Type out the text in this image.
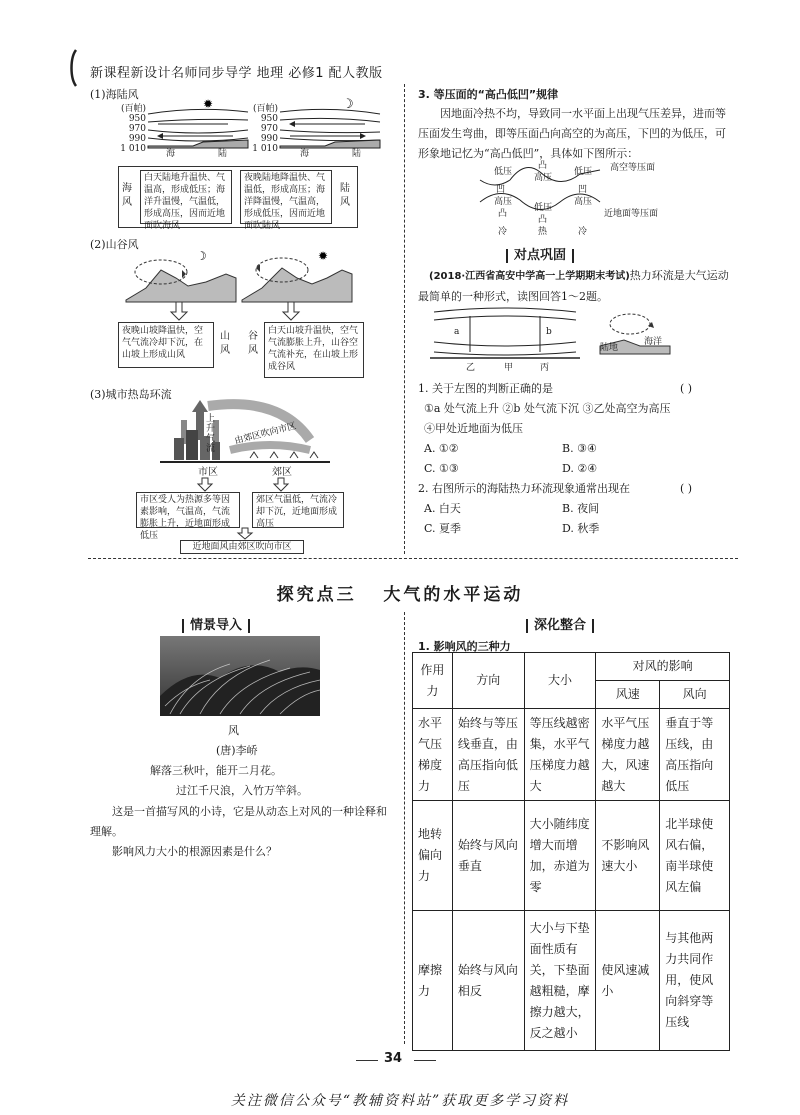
新课程新设计名师同步导学 地理 必修1 配人教版
(1)海陆风
(百帕)
950
970
990
1 010
✹
海	陆
(百帕)
950
970
990
1 010
☽
海	陆
海风
白天陆地升温快、气温高，形成低压；海洋升温慢，气温低，形成高压，因而近地面吹海风
夜晚陆地降温快、气温低，形成高压；海洋降温慢，气温高，形成低压，因而近地面吹陆风
陆风
(2)山谷风
☽	✹
夜晚山坡降温快，空气气流冷却下沉，在山坡上形成山风
山风
谷风
白天山坡升温快，空气气流膨胀上升，山谷空气流补充，在山坡上形成谷风
(3)城市热岛环流
上升气流
由郊区吹向市区
市区	郊区
市区受人为热源多等因素影响，气温高，气流膨胀上升，近地面形成低压
郊区气温低，气流冷却下沉，近地面形成高压
近地面风由郊区吹向市区
3. 等压面的“高凸低凹”规律
因地面冷热不均，导致同一水平面上出现气压差异，进而等压面发生弯曲，即等压面凸向高空的为高压，下凹的为低压，可形象地记忆为“高凸低凹”，具体如下图所示：
低压
凸
高压
低压 高空等压面
凹	凹
高压
低压
高压
凸
凸
近地面等压面
冷	热	冷
对点巩固
(2018·江西省高安中学高一上学期期末考试)热力环流是大气运动最简单的一种形式，读图回答1～2题。
a	b
乙	甲	丙
陆地
海洋
1. 关于左图的判断正确的是	( )
①a 处气流上升 ②b 处气流下沉 ③乙处高空为高压
④甲处近地面为低压
A. ①②	B. ③④
C. ①③	D. ②④
2. 右图所示的海陆热力环流现象通常出现在	( )
A. 白天	B. 夜间
C. 夏季	D. 秋季
探究点三   大气的水平运动
情景导入
风
(唐)李峤
解落三秋叶，能开二月花。
过江千尺浪，入竹万竿斜。
这是一首描写风的小诗，它是从动态上对风的一种诠释和理解。
影响风力大小的根源因素是什么？
深化整合
1. 影响风的三种力
作用力	方向	大小	对风的影响	
			风速	风向
水平气压梯度力	始终与等压线垂直，由高压指向低压	等压线越密集，水平气压梯度力越大	水平气压梯度力越大，风速越大	垂直于等压线，由高压指向低压
地转偏向力	始终与风向垂直	大小随纬度增大而增加，赤道为零	不影响风速大小	北半球使风右偏，南半球使风左偏
摩擦力	始终与风向相反	大小与下垫面性质有关，下垫面越粗糙，摩擦力越大，反之越小	使风速减小	与其他两力共同作用，使风向斜穿等压线
34
关注微信公众号“教辅资料站”获取更多学习资料
